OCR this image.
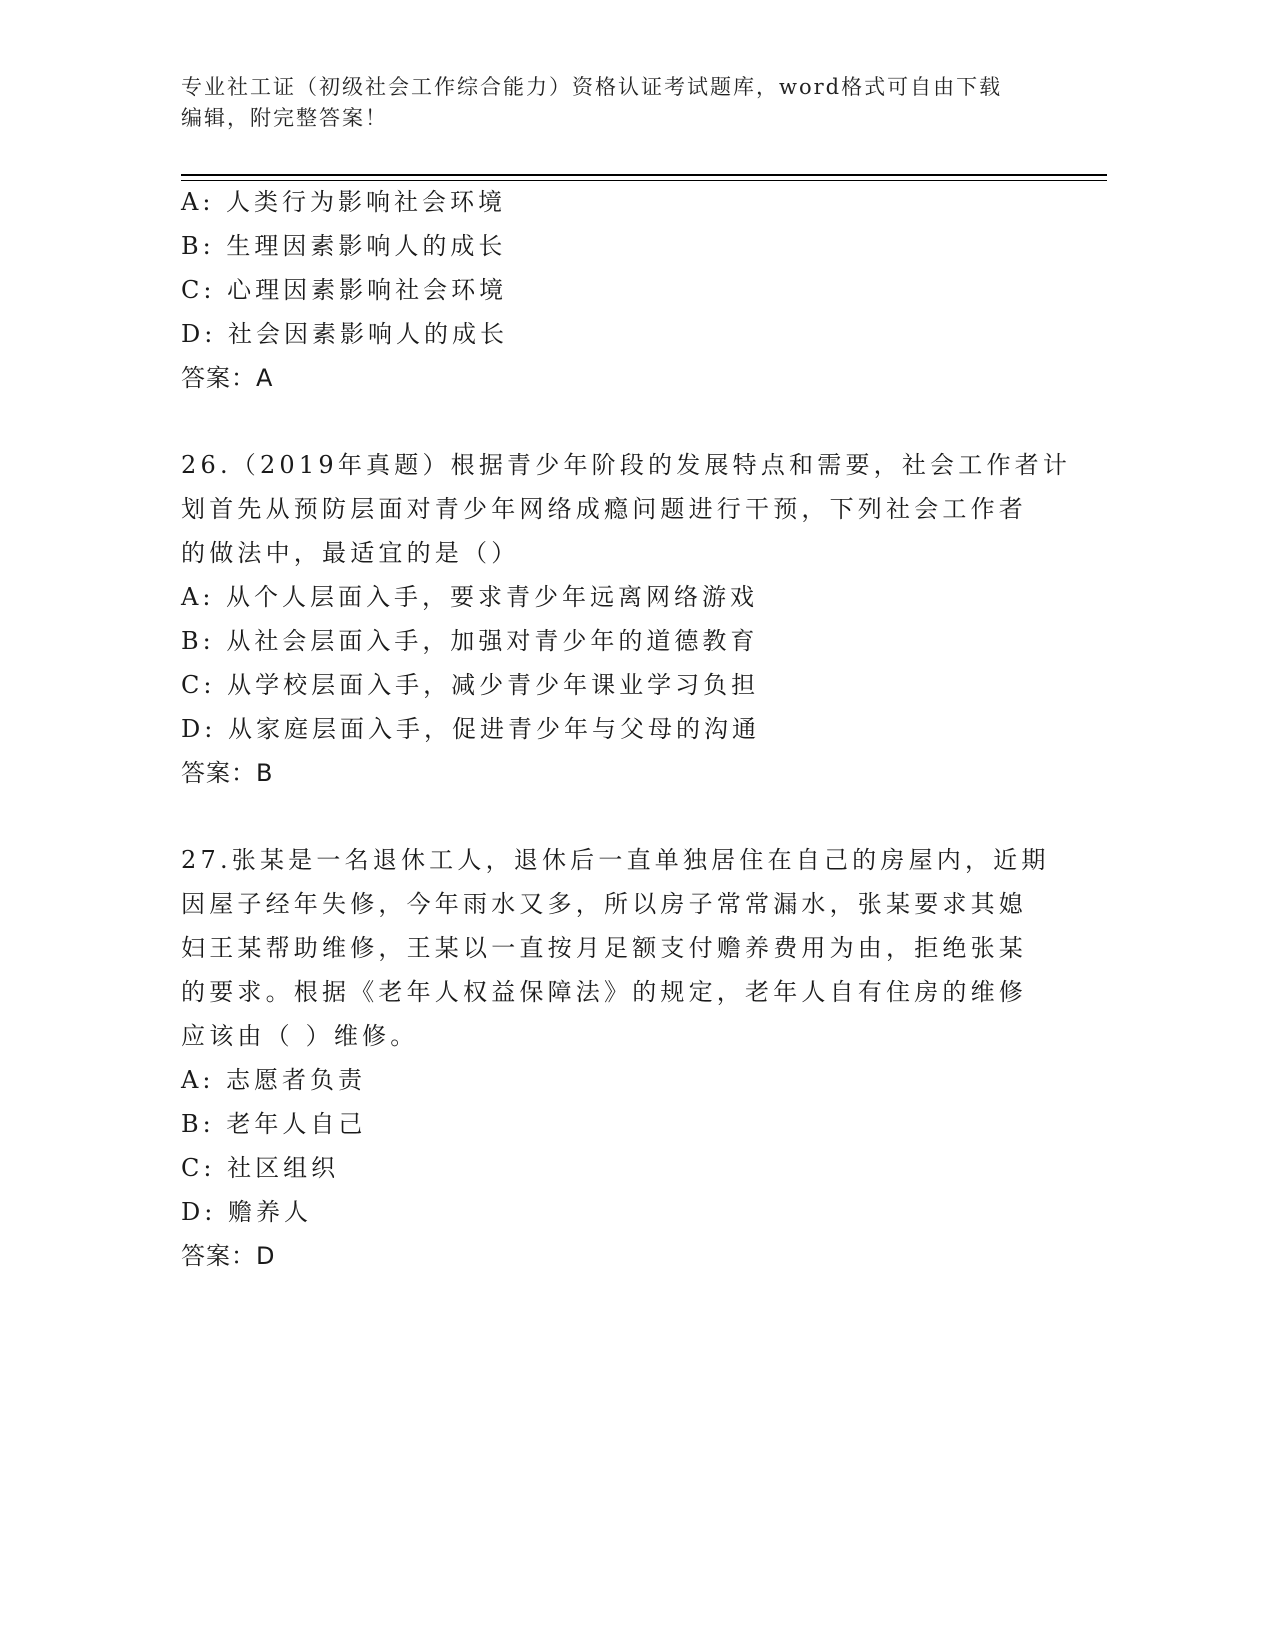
专业社工证（初级社会工作综合能力）资格认证考试题库，word格式可自由下载
编辑，附完整答案！
A: 人类行为影响社会环境
B: 生理因素影响人的成长
C: 心理因素影响社会环境
D: 社会因素影响人的成长
答案：A
26.（2019年真题）根据青少年阶段的发展特点和需要，社会工作者计
划首先从预防层面对青少年网络成瘾问题进行干预，下列社会工作者
的做法中，最适宜的是（）
A: 从个人层面入手，要求青少年远离网络游戏
B: 从社会层面入手，加强对青少年的道德教育
C: 从学校层面入手，减少青少年课业学习负担
D: 从家庭层面入手，促进青少年与父母的沟通
答案：B
27.张某是一名退休工人，退休后一直单独居住在自己的房屋内，近期
因屋子经年失修，今年雨水又多，所以房子常常漏水，张某要求其媳
妇王某帮助维修，王某以一直按月足额支付赡养费用为由，拒绝张某
的要求。根据《老年人权益保障法》的规定，老年人自有住房的维修
应该由（ ）维修。
A: 志愿者负责
B: 老年人自己
C: 社区组织
D: 赡养人
答案：D
